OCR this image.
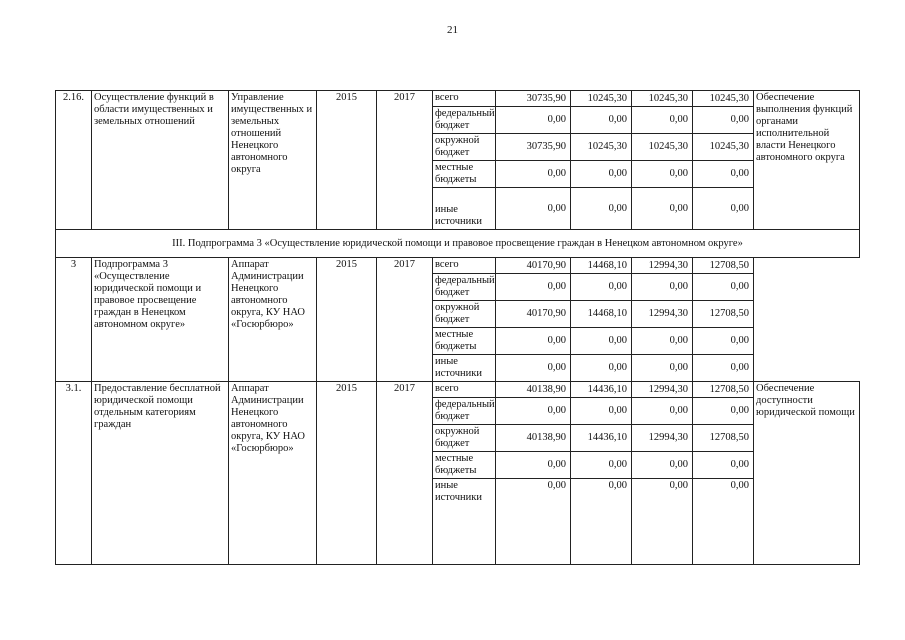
21
2.16.	Осуществление функций в области имущественных и земельных отношений	Управление имущественных и земельных отношений Ненецкого автономного округа	2015	2017	всего	30735,90	10245,30	10245,30	10245,30	Обеспечение выполнения функций органами исполнительной власти Ненецкого автономного округа
					федеральный бюджет	0,00	0,00	0,00	0,00	
					окружной бюджет	30735,90	10245,30	10245,30	10245,30	
					местные бюджеты	0,00	0,00	0,00	0,00	
					иные источники	0,00	0,00	0,00	0,00	
III. Подпрограмма 3 «Осуществление юридической помощи и правовое просвещение граждан в Ненецком автономном округе»										
3	Подпрограмма 3 «Осуществление юридической помощи и правовое просвещение граждан в Ненецком автономном округе»	Аппарат Администрации Ненецкого автономного округа, КУ НАО «Госюрбюро»	2015	2017	всего	40170,90	14468,10	12994,30	12708,50	
					федеральный бюджет	0,00	0,00	0,00	0,00	
					окружной бюджет	40170,90	14468,10	12994,30	12708,50	
					местные бюджеты	0,00	0,00	0,00	0,00	
					иные источники	0,00	0,00	0,00	0,00	
3.1.	Предоставление бесплатной юридической помощи отдельным категориям граждан	Аппарат Администрации Ненецкого автономного округа, КУ НАО «Госюрбюро»	2015	2017	всего	40138,90	14436,10	12994,30	12708,50	Обеспечение доступности юридической помощи
					федеральный бюджет	0,00	0,00	0,00	0,00	
					окружной бюджет	40138,90	14436,10	12994,30	12708,50	
					местные бюджеты	0,00	0,00	0,00	0,00	
					иные источники	0,00	0,00	0,00	0,00	
